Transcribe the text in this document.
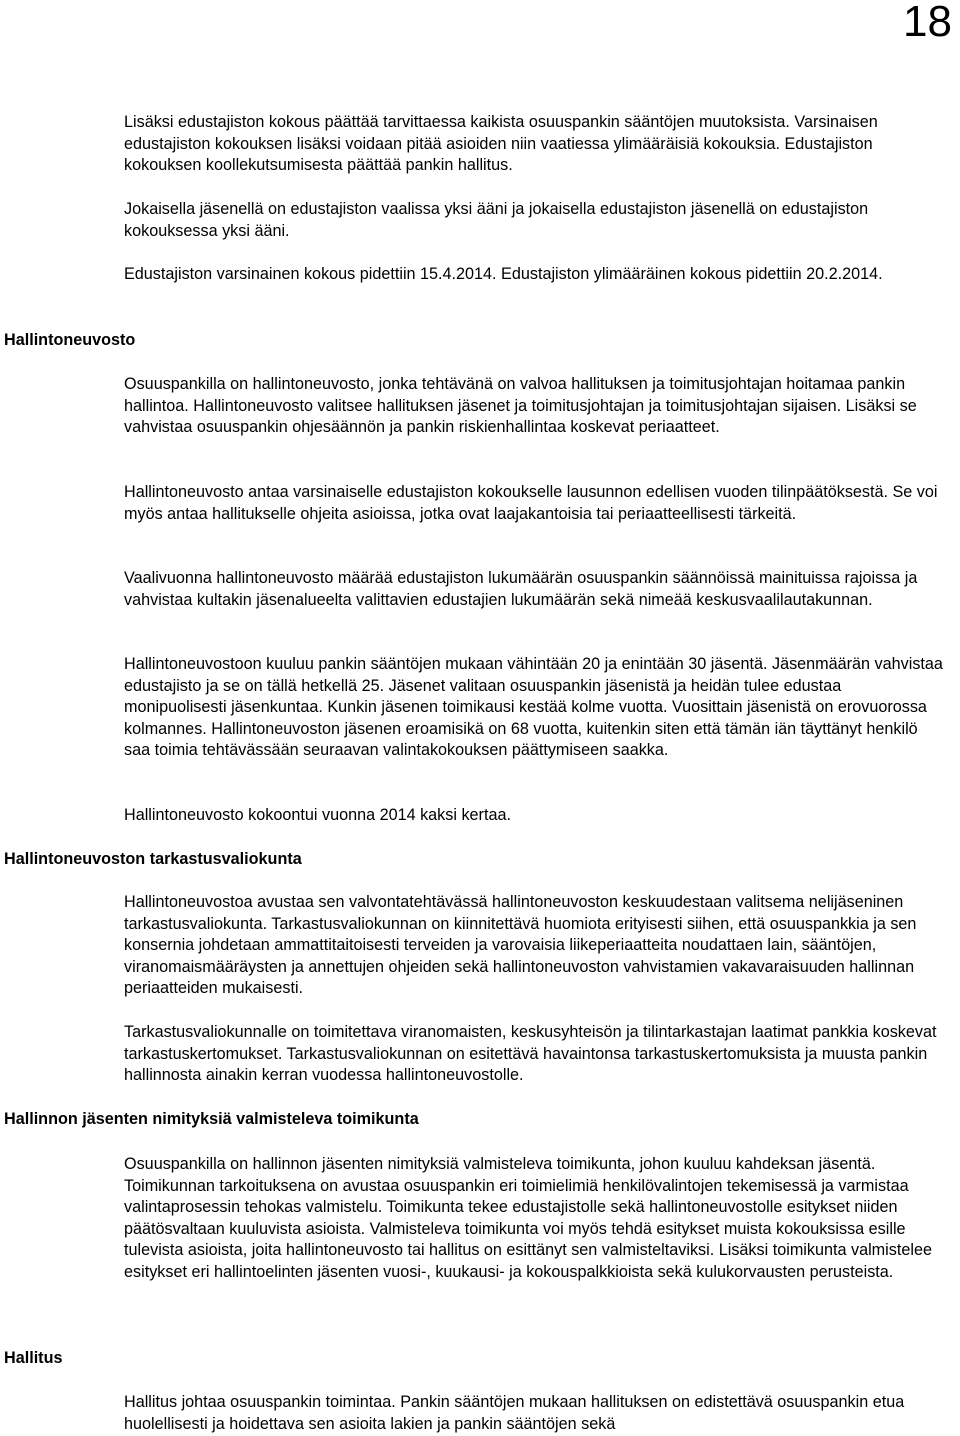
18

Lisäksi edustajiston kokous päättää tarvittaessa kaikista osuuspankin sääntöjen muutoksista. Varsinaisen edustajiston kokouksen lisäksi voidaan pitää asioiden niin vaatiessa ylimääräisiä kokouksia. Edustajiston kokouksen koollekutsumisesta päättää pankin hallitus.

Jokaisella jäsenellä on edustajiston vaalissa yksi ääni ja jokaisella edustajiston jäsenellä on edustajiston kokouksessa yksi ääni.

Edustajiston varsinainen kokous pidettiin 15.4.2014. Edustajiston ylimääräinen kokous pidettiin 20.2.2014.

Hallintoneuvosto

Osuuspankilla on hallintoneuvosto, jonka tehtävänä on valvoa hallituksen ja toimitusjohtajan hoitamaa pankin hallintoa. Hallintoneuvosto valitsee hallituksen jäsenet ja toimitusjohtajan ja toimitusjohtajan sijaisen. Lisäksi se vahvistaa osuuspankin ohjesäännön ja pankin riskienhallintaa koskevat periaatteet.

Hallintoneuvosto antaa varsinaiselle edustajiston kokoukselle lausunnon edellisen vuoden tilinpäätöksestä. Se voi myös antaa hallitukselle ohjeita asioissa, jotka ovat laajakantoisia tai periaatteellisesti tärkeitä.

Vaalivuonna hallintoneuvosto määrää edustajiston lukumäärän osuuspankin säännöissä mainituissa rajoissa ja vahvistaa kultakin jäsenalueelta valittavien edustajien lukumäärän sekä nimeää keskusvaalilautakunnan.

Hallintoneuvostoon kuuluu pankin sääntöjen mukaan vähintään 20 ja enintään 30 jäsentä. Jäsenmäärän vahvistaa edustajisto ja se on tällä hetkellä 25. Jäsenet valitaan osuuspankin jäsenistä ja heidän tulee edustaa monipuolisesti jäsenkuntaa. Kunkin jäsenen toimikausi kestää kolme vuotta. Vuosittain jäsenistä on erovuorossa kolmannes. Hallintoneuvoston jäsenen eroamisikä on 68 vuotta, kuitenkin siten että tämän iän täyttänyt henkilö saa toimia tehtävässään seuraavan valintakokouksen päättymiseen saakka.

Hallintoneuvosto kokoontui vuonna 2014 kaksi kertaa.

Hallintoneuvoston tarkastusvaliokunta

Hallintoneuvostoa avustaa sen valvontatehtävässä hallintoneuvoston keskuudestaan valitsema nelijäseninen tarkastusvaliokunta. Tarkastusvaliokunnan on kiinnitettävä huomiota erityisesti siihen, että osuuspankkia ja sen konsernia johdetaan ammattitaitoisesti terveiden ja varovaisia liikeperiaatteita noudattaen lain, sääntöjen, viranomaismääräysten ja annettujen ohjeiden sekä hallintoneuvoston vahvistamien vakavaraisuuden hallinnan periaatteiden mukaisesti.

Tarkastusvaliokunnalle on toimitettava viranomaisten, keskusyhteisön ja tilintarkastajan laatimat pankkia koskevat tarkastuskertomukset. Tarkastusvaliokunnan on esitettävä havaintonsa tarkastuskertomuksista ja muusta pankin hallinnosta ainakin kerran vuodessa hallintoneuvostolle.

Hallinnon jäsenten nimityksiä valmisteleva toimikunta

Osuuspankilla on hallinnon jäsenten nimityksiä valmisteleva toimikunta, johon kuuluu kahdeksan jäsentä. Toimikunnan tarkoituksena on avustaa osuuspankin eri toimielimiä henkilövalintojen tekemisessä ja varmistaa valintaprosessin tehokas valmistelu. Toimikunta tekee edustajistolle sekä hallintoneuvostolle esitykset niiden päätösvaltaan kuuluvista asioista. Valmisteleva toimikunta voi myös tehdä esitykset muista kokouksissa esille tulevista asioista, joita hallintoneuvosto tai hallitus on esittänyt sen valmisteltaviksi. Lisäksi toimikunta valmistelee esitykset eri hallintoelinten jäsenten vuosi-, kuukausi- ja kokouspalkkioista sekä kulukorvausten perusteista.

Hallitus

Hallitus johtaa osuuspankin toimintaa. Pankin sääntöjen mukaan hallituksen on edistettävä osuuspankin etua huolellisesti ja hoidettava sen asioita lakien ja pankin sääntöjen sekä
